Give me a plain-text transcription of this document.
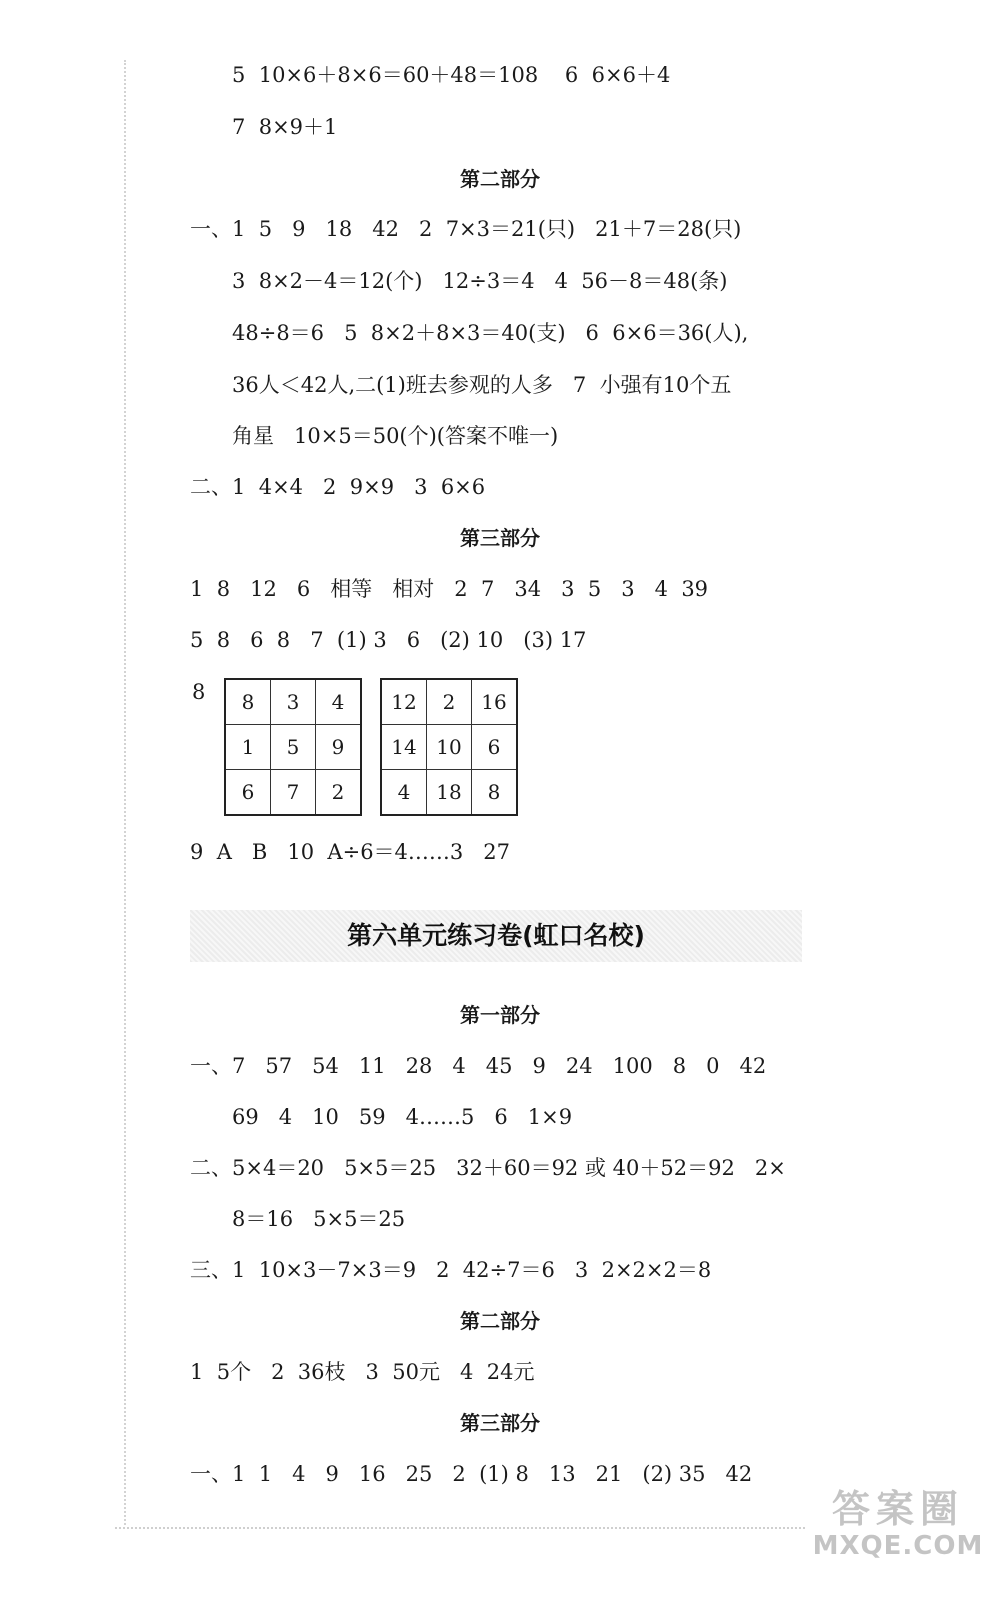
5  10×6＋8×6＝60＋48＝108    6  6×6＋4
7  8×9＋1
第二部分
一、1  5   9   18   42   2  7×3＝21(只)   21＋7＝28(只)
3  8×2－4＝12(个)   12÷3＝4   4  56－8＝48(条)
48÷8＝6   5  8×2＋8×3＝40(支)   6  6×6＝36(人),
36人＜42人,二(1)班去参观的人多   7  小强有10个五
角星   10×5＝50(个)(答案不唯一)
二、1  4×4   2  9×9   3  6×6
第三部分
1  8   12   6   相等   相对   2  7   34   3  5   3   4  39
5  8   6  8   7  (1) 3   6   (2) 10   (3) 17
8 8	3	4
1	5	9
6	7	2
12	2	16
14	10	6
4	18	8
9  A   B   10  A÷6＝4……3   27
第六单元练习卷(虹口名校)
第一部分
一、7   57   54   11   28   4   45   9   24   100   8   0   42
69   4   10   59   4……5   6   1×9
二、5×4＝20   5×5＝25   32＋60＝92 或 40＋52＝92   2×
8＝16   5×5＝25
三、1  10×3－7×3＝9   2  42÷7＝6   3  2×2×2＝8
第二部分
1  5个   2  36枝   3  50元   4  24元
第三部分
一、1  1   4   9   16   25   2  (1) 8   13   21   (2) 35   42
答案圈
MXQE.COM
